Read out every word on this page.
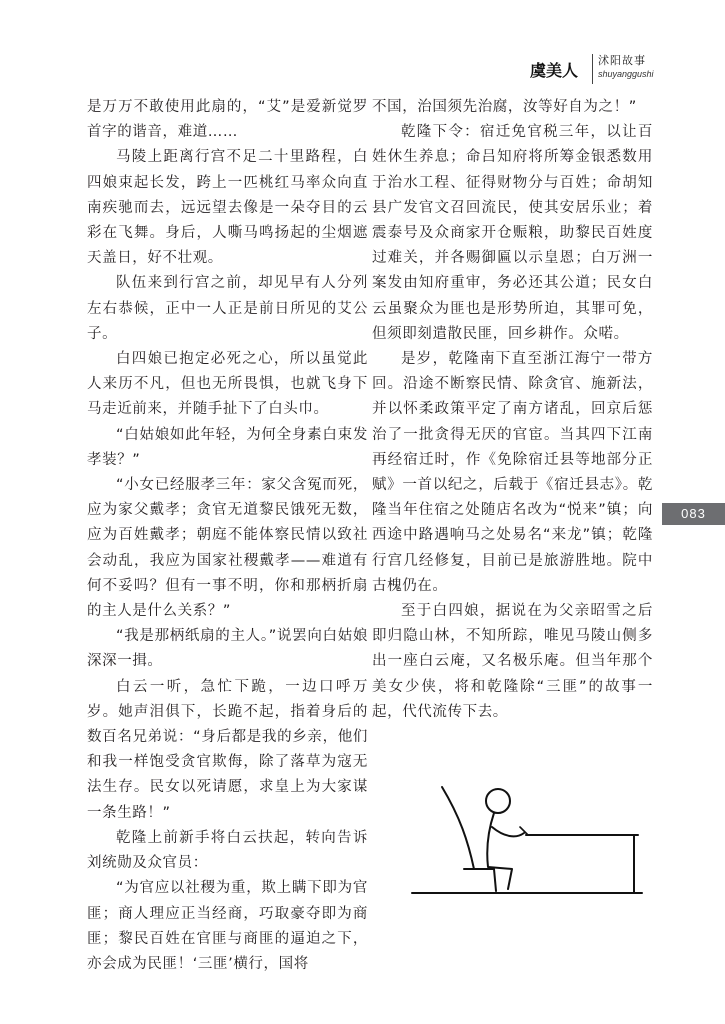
虞美人
沭阳故事
shuyanggushi

是万万不敢使用此扇的，“艾”是爱新觉罗首字的谐音，难道……

马陵上距离行宫不足二十里路程，白四娘束起长发，跨上一匹桃红马率众向直南疾驰而去，远远望去像是一朵夺目的云彩在飞舞。身后，人嘶马鸣扬起的尘烟遮天盖日，好不壮观。

队伍来到行宫之前，却见早有人分列左右恭候，正中一人正是前日所见的艾公子。

白四娘已抱定必死之心，所以虽觉此人来历不凡，但也无所畏惧，也就飞身下马走近前来，并随手扯下了白头巾。

“白姑娘如此年轻，为何全身素白束发孝装？”

“小女已经服孝三年：家父含冤而死，应为家父戴孝；贪官无道黎民饿死无数，应为百姓戴孝；朝庭不能体察民情以致社会动乱，我应为国家社稷戴孝——难道有何不妥吗？但有一事不明，你和那柄折扇的主人是什么关系？”

“我是那柄纸扇的主人。”说罢向白姑娘深深一揖。

白云一听，急忙下跪，一边口呼万岁。她声泪俱下，长跪不起，指着身后的数百名兄弟说：“身后都是我的乡亲，他们和我一样饱受贪官欺侮，除了落草为寇无法生存。民女以死请愿，求皇上为大家谋一条生路！”

乾隆上前新手将白云扶起，转向告诉刘统勋及众官员：

“为官应以社稷为重，欺上瞒下即为官匪；商人理应正当经商，巧取豪夺即为商匪；黎民百姓在官匪与商匪的逼迫之下，亦会成为民匪！‘三匪’横行，国将

不国，治国须先治腐，汝等好自为之！”

乾隆下令：宿迁免官税三年，以让百姓休生养息；命吕知府将所筹金银悉数用于治水工程、征得财物分与百姓；命胡知县广发官文召回流民，使其安居乐业；着震泰号及众商家开仓赈粮，助黎民百姓度过难关，并各赐御匾以示皇恩；白万洲一案发由知府重审，务必还其公道；民女白云虽聚众为匪也是形势所迫，其罪可免，但须即刻遣散民匪，回乡耕作。众喏。

是岁，乾隆南下直至浙江海宁一带方回。沿途不断察民情、除贪官、施新法，并以怀柔政策平定了南方诸乱，回京后惩治了一批贪得无厌的官宦。当其四下江南再经宿迁时，作《免除宿迁县等地部分正赋》一首以纪之，后载于《宿迁县志》。乾隆当年住宿之处随店名改为“悦来”镇；向西途中路遇响马之处易名“来龙”镇；乾隆行宫几经修复，目前已是旅游胜地。院中古槐仍在。

至于白四娘，据说在为父亲昭雪之后即归隐山林，不知所踪，唯见马陵山侧多出一座白云庵，又名极乐庵。但当年那个美女少侠，将和乾隆除“三匪”的故事一起，代代流传下去。

083
